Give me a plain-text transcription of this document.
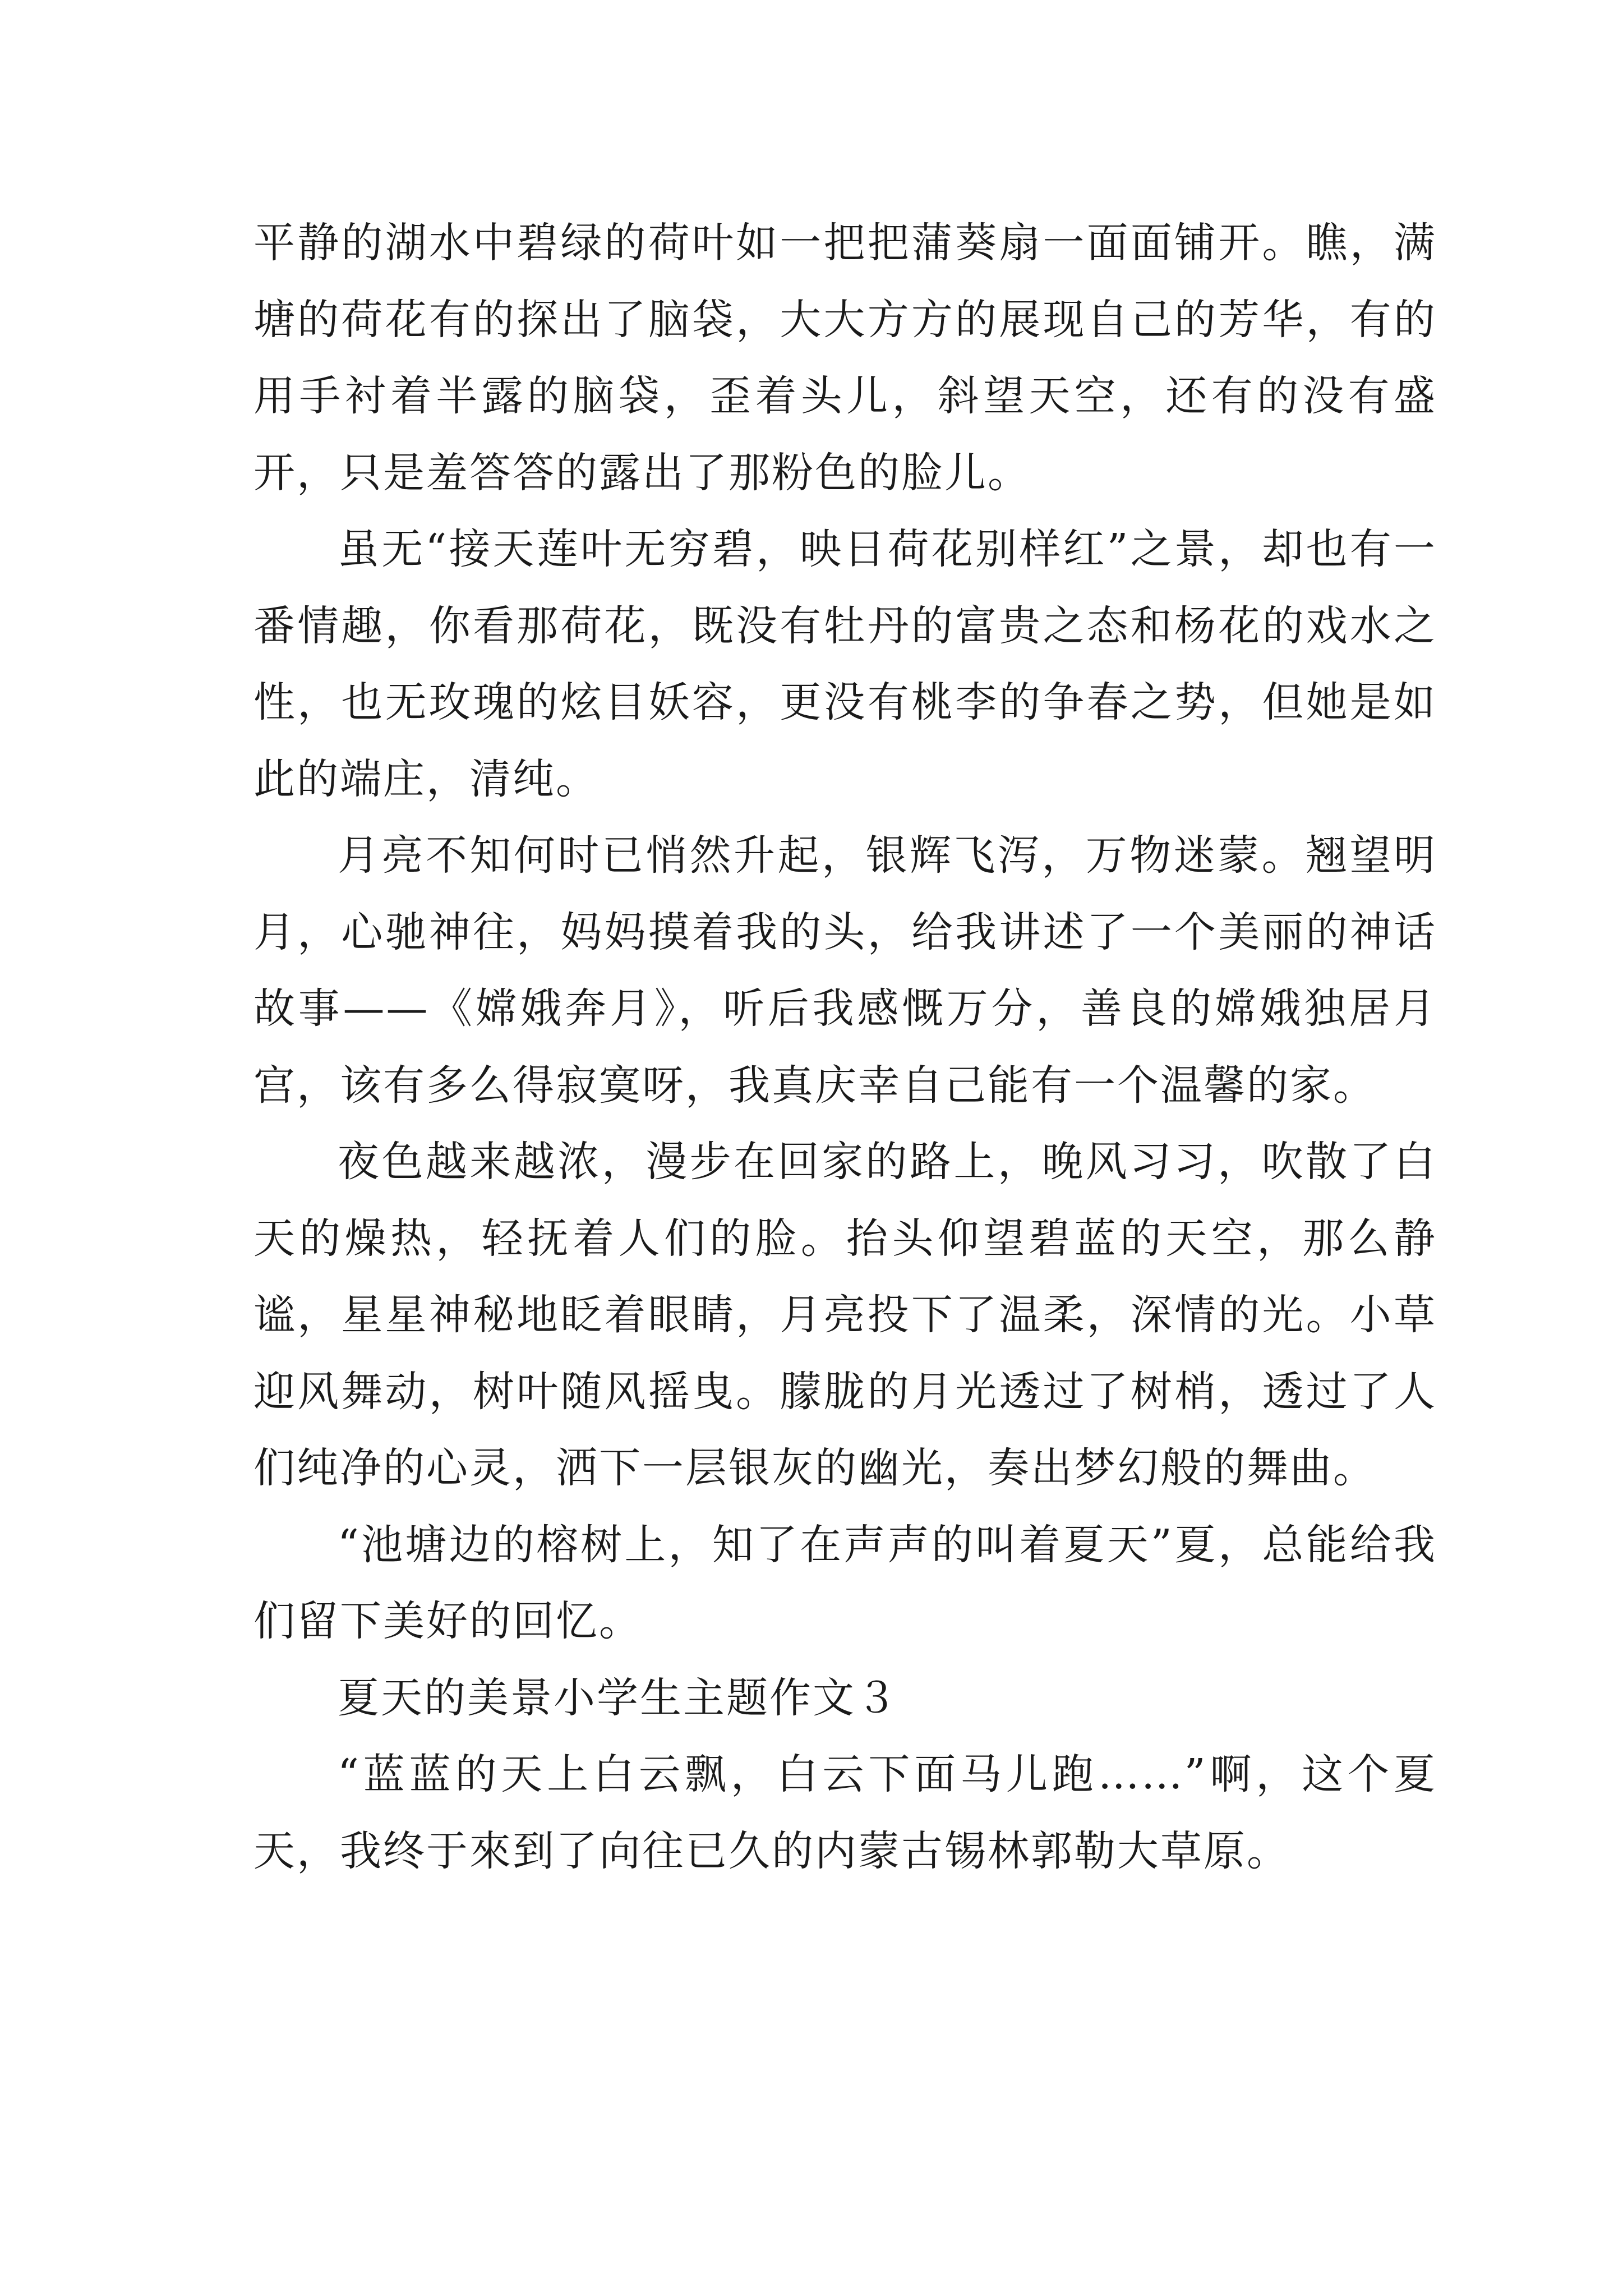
平静的湖水中碧绿的荷叶如一把把蒲葵扇一面面铺开。瞧，满塘的荷花有的探出了脑袋，大大方方的展现自己的芳华，有的用手衬着半露的脑袋，歪着头儿，斜望天空，还有的没有盛开，只是羞答答的露出了那粉色的脸儿。

虽无“接天莲叶无穷碧，映日荷花别样红”之景，却也有一番情趣，你看那荷花，既没有牡丹的富贵之态和杨花的戏水之性，也无玫瑰的炫目妖容，更没有桃李的争春之势，但她是如此的端庄，清纯。

月亮不知何时已悄然升起，银辉飞泻，万物迷蒙。翘望明月，心驰神往，妈妈摸着我的头，给我讲述了一个美丽的神话故事——《嫦娥奔月》，听后我感慨万分，善良的嫦娥独居月宫，该有多么得寂寞呀，我真庆幸自己能有一个温馨的家。

夜色越来越浓，漫步在回家的路上，晚风习习，吹散了白天的燥热，轻抚着人们的脸。抬头仰望碧蓝的天空，那么静谧，星星神秘地眨着眼睛，月亮投下了温柔，深情的光。小草迎风舞动，树叶随风摇曳。朦胧的月光透过了树梢，透过了人们纯净的心灵，洒下一层银灰的幽光，奏出梦幻般的舞曲。

“池塘边的榕树上，知了在声声的叫着夏天”夏，总能给我们留下美好的回忆。

夏天的美景小学生主题作文３

“蓝蓝的天上白云飘，白云下面马儿跑……”啊，这个夏天，我终于來到了向往已久的内蒙古锡林郭勒大草原。
